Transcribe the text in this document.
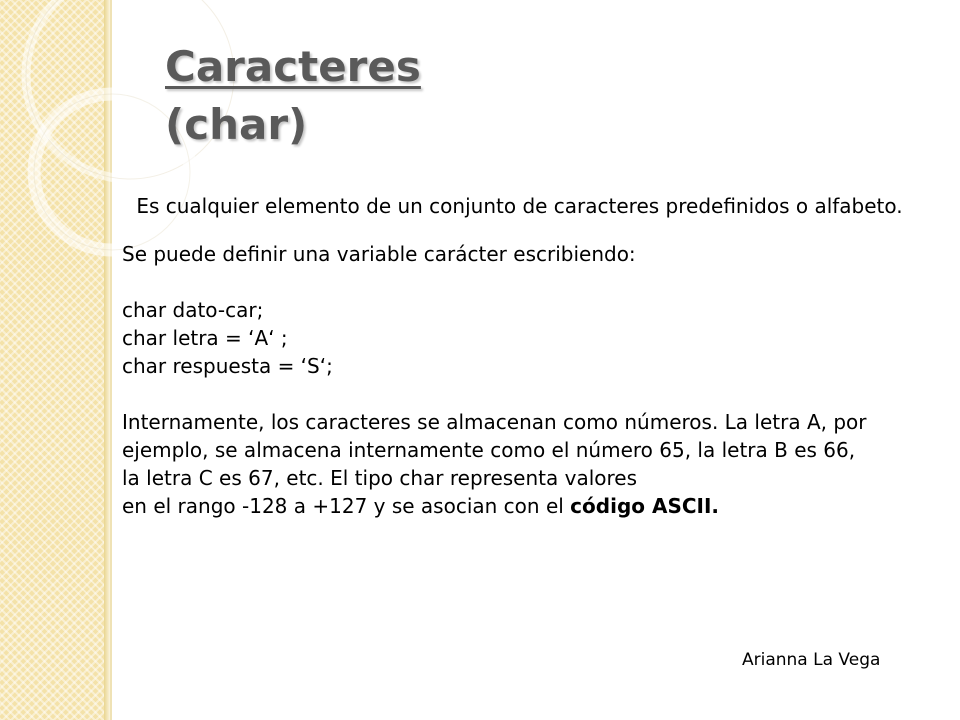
Caracteres
(char)

Es cualquier elemento de un conjunto de caracteres predefinidos o alfabeto.

Se puede definir una variable carácter escribiendo:
char dato-car;
char letra = ‘A‘ ;
char respuesta = ‘S‘;
Internamente, los caracteres se almacenan como números. La letra A, por
ejemplo, se almacena internamente como el número 65, la letra B es 66,
la letra C es 67, etc. El tipo char representa valores
en el rango -128 a +127 y se asocian con el código ASCII.
Arianna La Vega
